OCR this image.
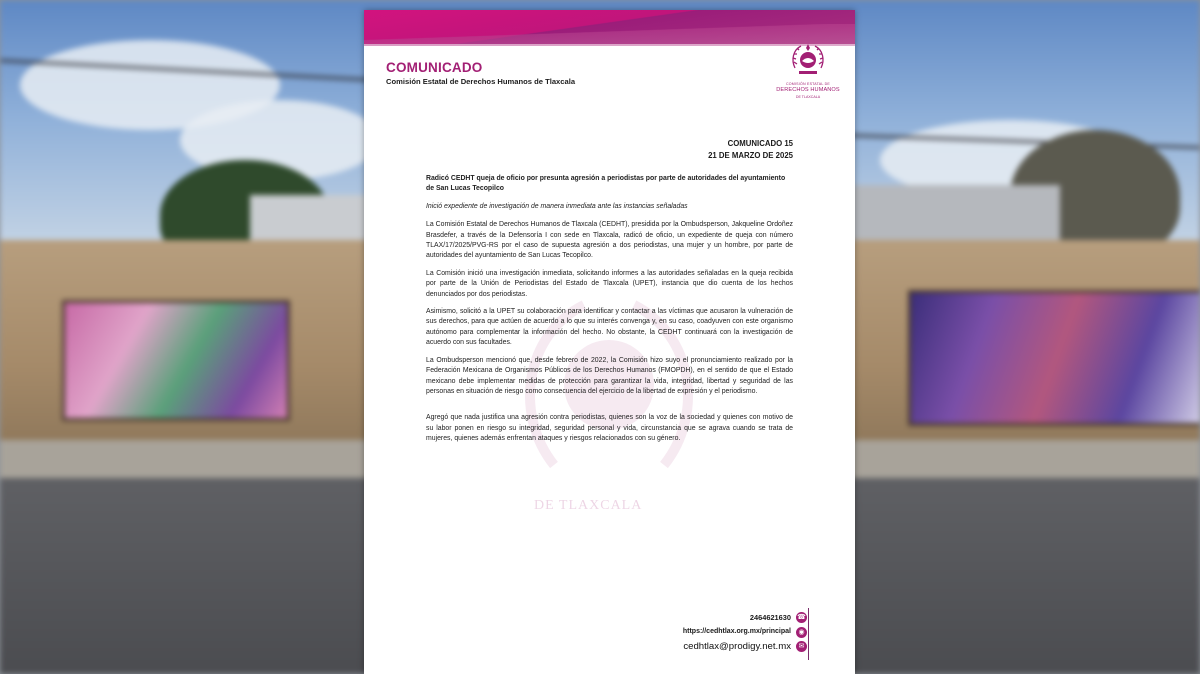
COMUNICADO
Comisión Estatal de Derechos Humanos de Tlaxcala	COMISIÓN ESTATAL DE
DERECHOS HUMANOS
DE TLAXCALA
COMUNICADO 15
21 DE MARZO DE 2025
DE TLAXCALA

Radicó CEDHT queja de oficio por presunta agresión a periodistas por parte de autoridades del ayuntamiento de San Lucas Tecopilco

Inició expediente de investigación de manera inmediata ante las instancias señaladas

La Comisión Estatal de Derechos Humanos de Tlaxcala (CEDHT), presidida por la Ombudsperson, Jakqueline Ordoñez Brasdefer, a través de la Defensoría I con sede en Tlaxcala, radicó de oficio, un expediente de queja con número TLAX/17/2025/PVG-RS por el caso de supuesta agresión a dos periodistas, una mujer y un hombre, por parte de autoridades del ayuntamiento de San Lucas Tecopilco.

La Comisión inició una investigación inmediata, solicitando informes a las autoridades señaladas en la queja recibida por parte de la Unión de Periodistas del Estado de Tlaxcala (UPET), instancia que dio cuenta de los hechos denunciados por dos periodistas.

Asimismo, solicitó a la UPET su colaboración para identificar y contactar a las víctimas que acusaron la vulneración de sus derechos, para que actúen de acuerdo a lo que su interés convenga y, en su caso, coadyuven con este organismo autónomo para complementar la información del hecho. No obstante, la CEDHT continuará con la investigación de acuerdo con sus facultades.

La Ombudsperson mencionó que, desde febrero de 2022, la Comisión hizo suyo el pronunciamiento realizado por la Federación Mexicana de Organismos Públicos de los Derechos Humanos (FMOPDH), en el sentido de que el Estado mexicano debe implementar medidas de protección para garantizar la vida, integridad, libertad y seguridad de las personas en situación de riesgo como consecuencia del ejercicio de la libertad de expresión y el periodismo.

Agregó que nada justifica una agresión contra periodistas, quienes son la voz de la sociedad y quienes con motivo de su labor ponen en riesgo su integridad, seguridad personal y vida, circunstancia que se agrava cuando se trata de mujeres, quienes además enfrentan ataques y riesgos relacionados con su género.

2464621630 ☎
https://cedhtlax.org.mx/principal	◉
cedhtlax@prodigy.net.mx	✉
